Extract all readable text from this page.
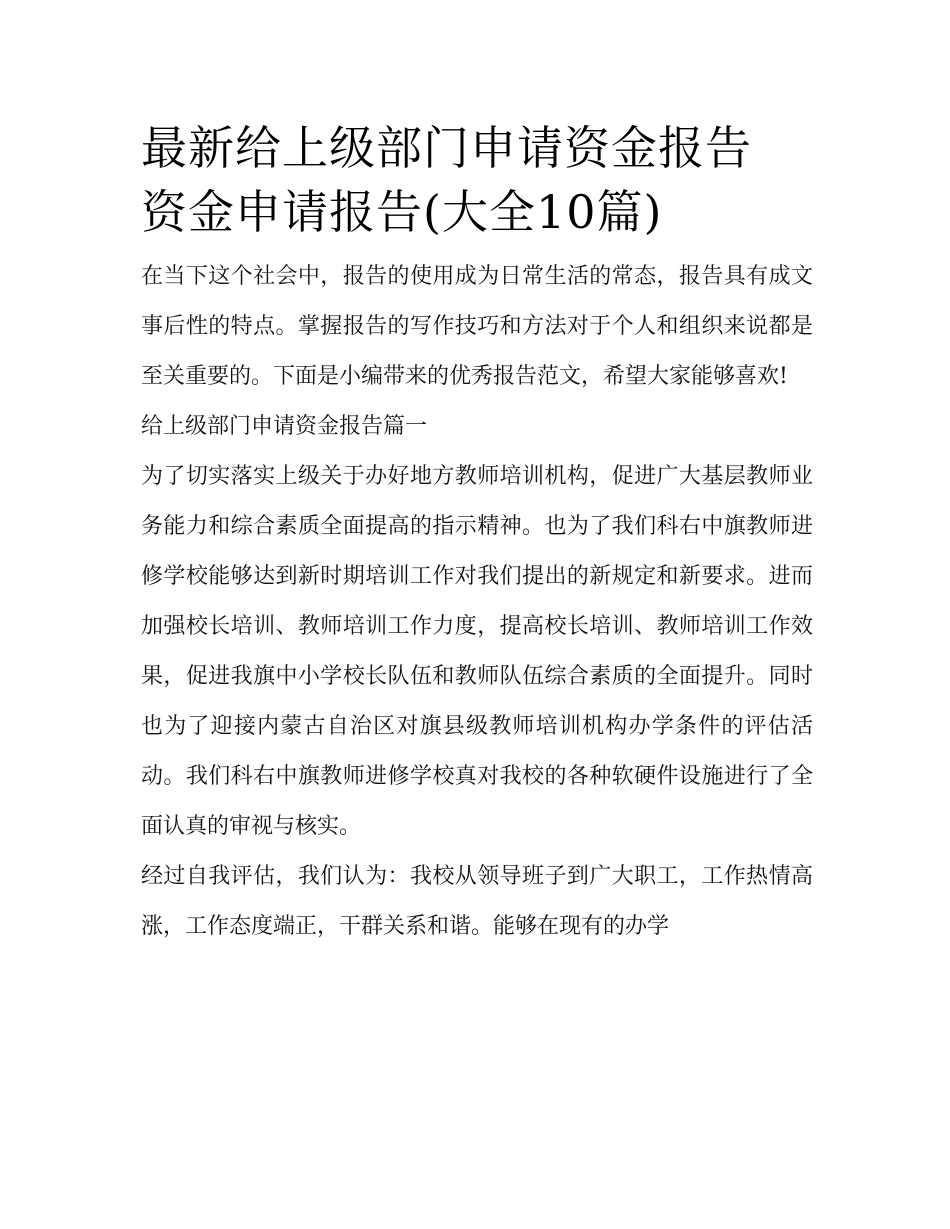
最新给上级部门申请资金报告 资金申请报告(大全10篇)

在当下这个社会中，报告的使用成为日常生活的常态，报告具有成文事后性的特点。掌握报告的写作技巧和方法对于个人和组织来说都是至关重要的。下面是小编带来的优秀报告范文，希望大家能够喜欢!

给上级部门申请资金报告篇一

为了切实落实上级关于办好地方教师培训机构，促进广大基层教师业务能力和综合素质全面提高的指示精神。也为了我们科右中旗教师进修学校能够达到新时期培训工作对我们提出的新规定和新要求。进而加强校长培训、教师培训工作力度，提高校长培训、教师培训工作效果，促进我旗中小学校长队伍和教师队伍综合素质的全面提升。同时也为了迎接内蒙古自治区对旗县级教师培训机构办学条件的评估活动。我们科右中旗教师进修学校真对我校的各种软硬件设施进行了全面认真的审视与核实。

经过自我评估，我们认为：我校从领导班子到广大职工，工作热情高涨，工作态度端正，干群关系和谐。能够在现有的办学
